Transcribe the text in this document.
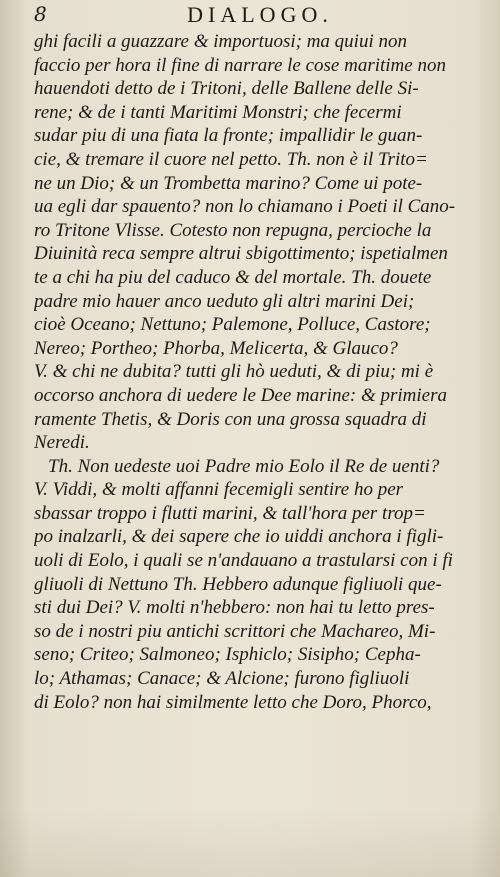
8	DIALOGO.
ghi facili a guazzare & importuosi; ma quiui non
faccio per hora il fine di narrare le cose maritime non
hauendoti detto de i Tritoni, delle Ballene delle Si-
rene; & de i tanti Maritimi Monstri; che fecermi
sudar piu di una fiata la fronte; impallidir le guan-
cie, & tremare il cuore nel petto. Th. non è il Trito=
ne un Dio; & un Trombetta marino? Come ui pote-
ua egli dar spauento? non lo chiamano i Poeti il Cano-
ro Tritone Vlisse. Cotesto non repugna, percioche la
Diuinità reca sempre altrui sbigottimento; ispetialmen
te a chi ha piu del caduco & del mortale. Th. douete
padre mio hauer anco ueduto gli altri marini Dei;
cioè Oceano; Nettuno; Palemone, Polluce, Castore;
Nereo; Portheo; Phorba, Melicerta, & Glauco?
V. & chi ne dubita? tutti gli hò ueduti, & di piu; mi è
occorso anchora di uedere le Dee marine: & primiera
ramente Thetis, & Doris con una grossa squadra di
Neredi.
Th. Non uedeste uoi Padre mio Eolo il Re de uenti?
V. Viddi, & molti affanni fecemigli sentire ho per
sbassar troppo i flutti marini, & tall'hora per trop=
po inalzarli, & dei sapere che io uiddi anchora i figli-
uoli di Eolo, i quali se n'andauano a trastularsi con i fi
gliuoli di Nettuno Th. Hebbero adunque figliuoli que-
sti dui Dei? V. molti n'hebbero: non hai tu letto pres-
so de i nostri piu antichi scrittori che Machareo, Mi-
seno; Criteo; Salmoneo; Isphiclo; Sisipho; Cepha-
lo; Athamas; Canace; & Alcione; furono figliuoli
di Eolo? non hai similmente letto che Doro, Phorco,
